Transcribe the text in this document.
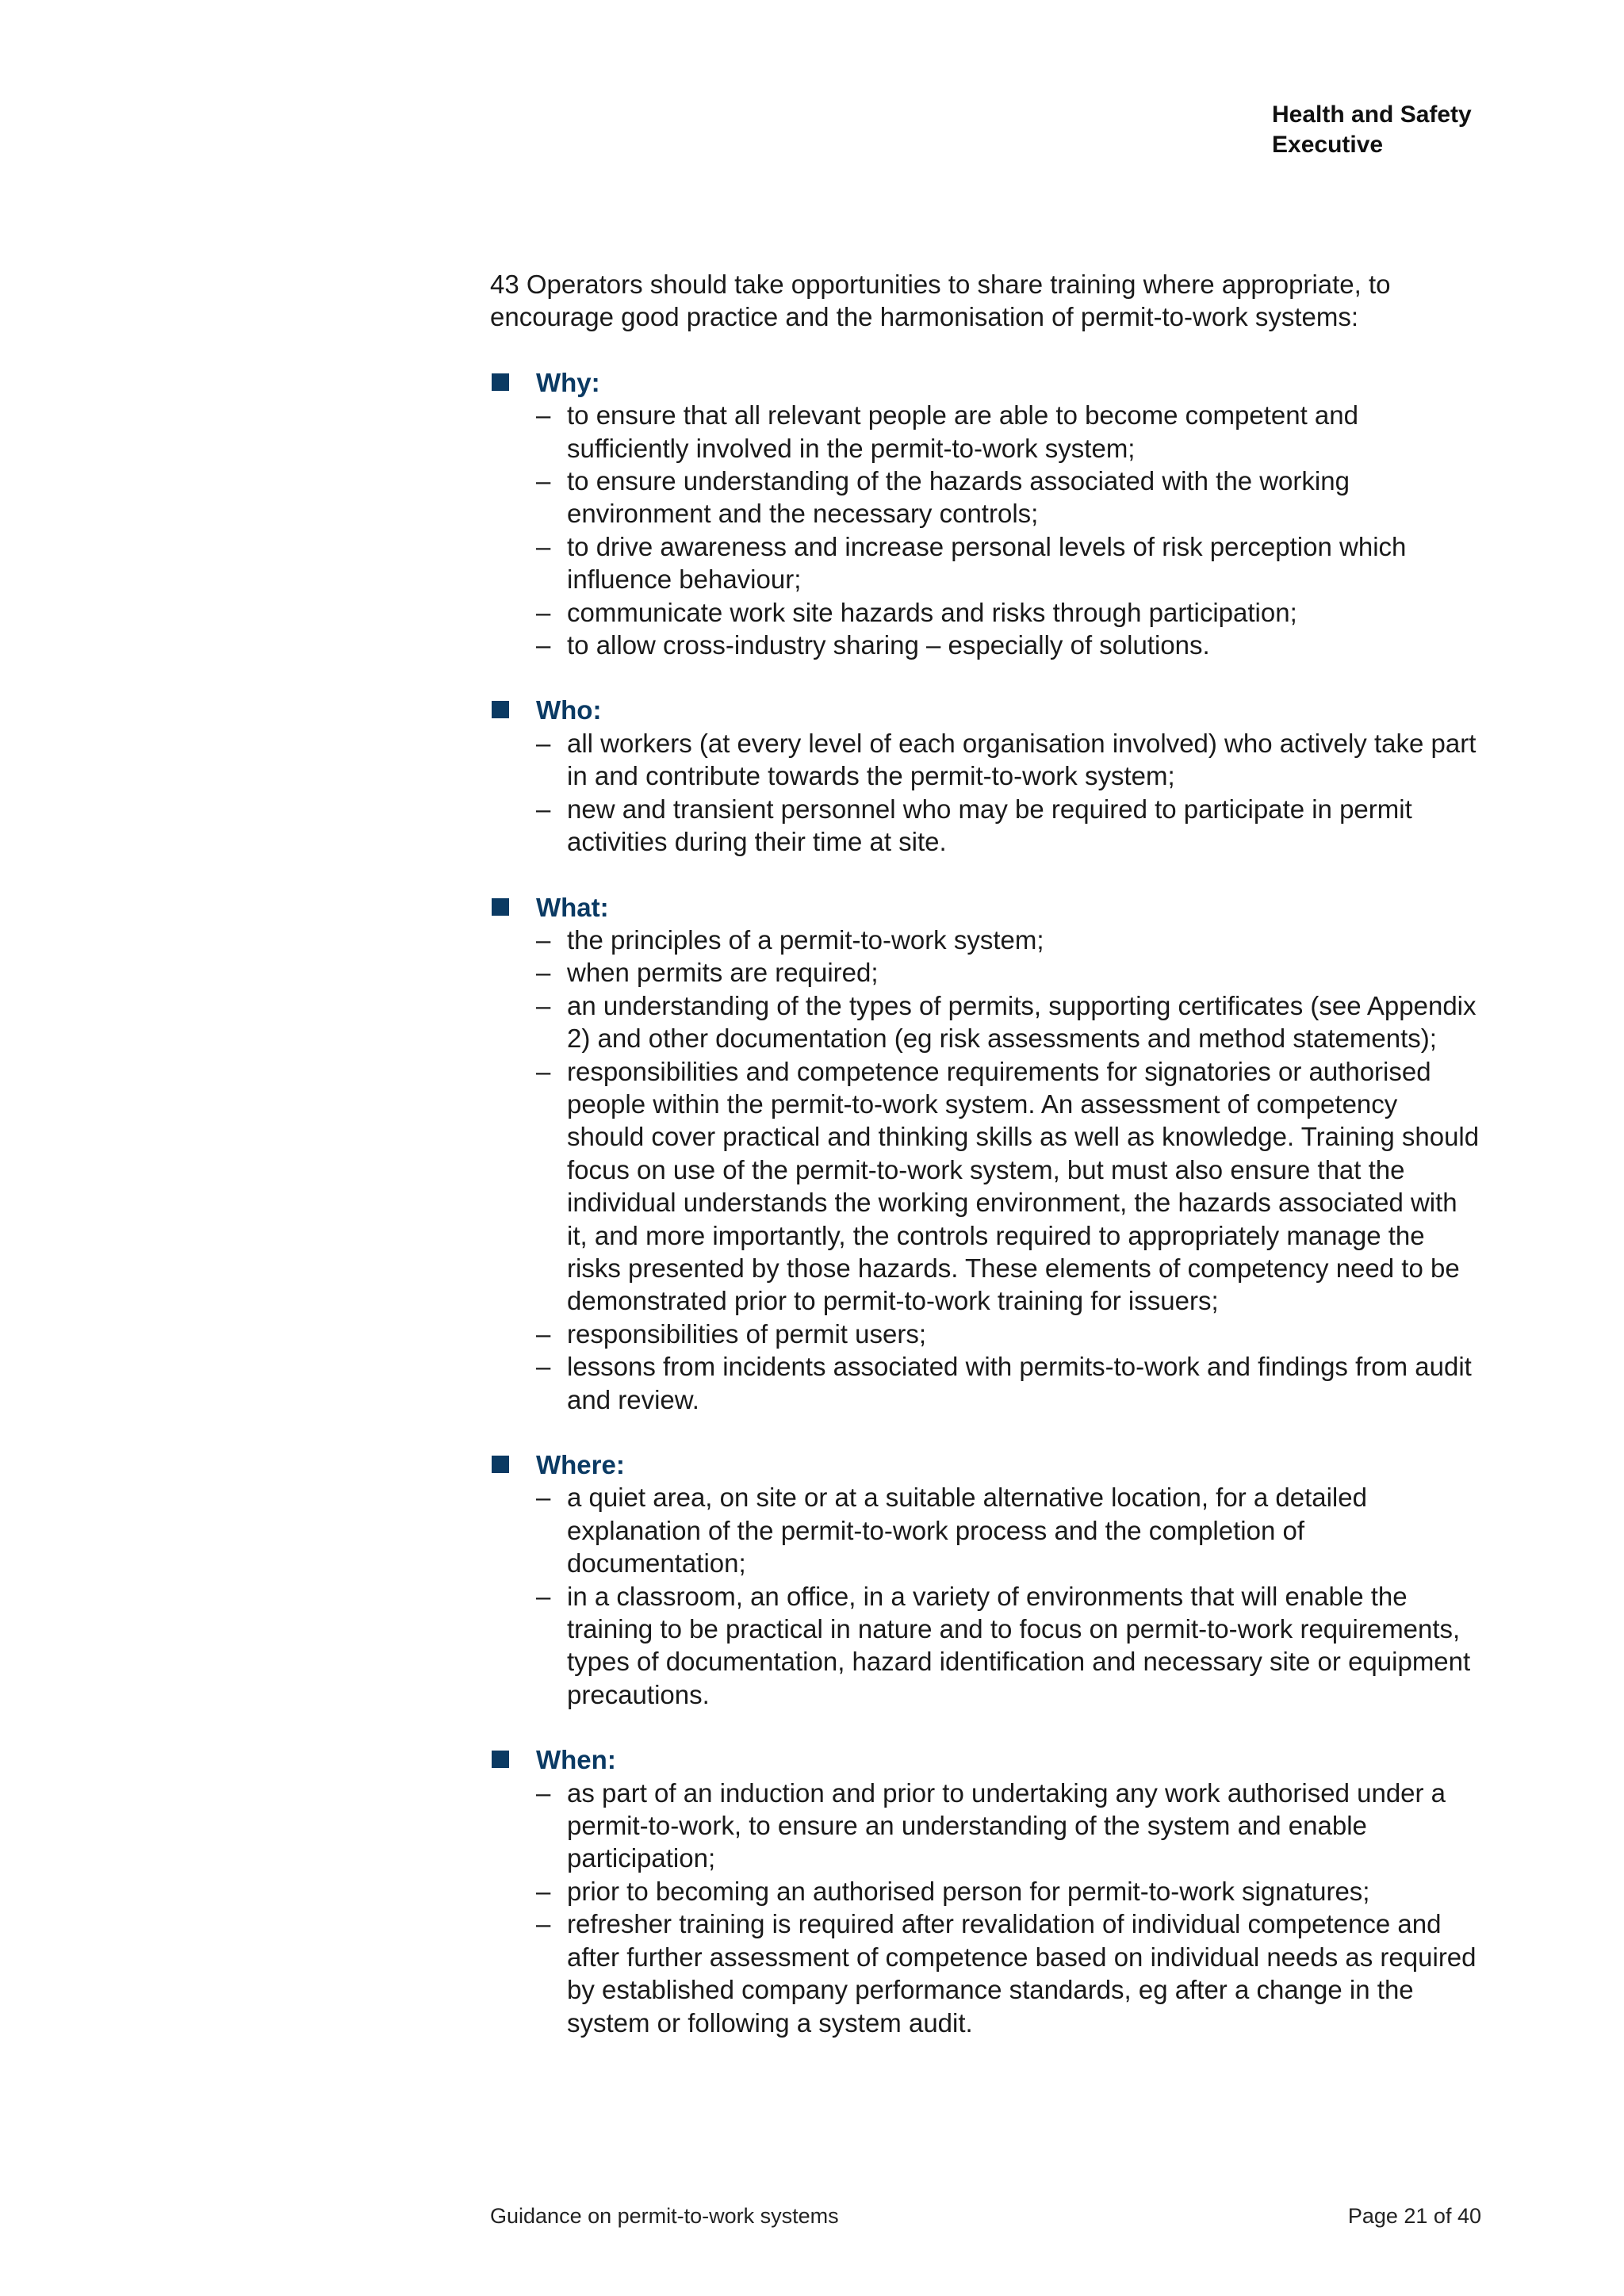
Health and Safety
Executive

43 Operators should take opportunities to share training where appropriate, to encourage good practice and the harmonisation of permit-to-work systems:

Why:
– to ensure that all relevant people are able to become competent and sufficiently involved in the permit-to-work system;
– to ensure understanding of the hazards associated with the working environment and the necessary controls;
– to drive awareness and increase personal levels of risk perception which influence behaviour;
– communicate work site hazards and risks through participation;
– to allow cross-industry sharing – especially of solutions.
Who:
– all workers (at every level of each organisation involved) who actively take part in and contribute towards the permit-to-work system;
– new and transient personnel who may be required to participate in permit activities during their time at site.
What:
– the principles of a permit-to-work system;
– when permits are required;
– an understanding of the types of permits, supporting certificates (see Appendix 2) and other documentation (eg risk assessments and method statements);
– responsibilities and competence requirements for signatories or authorised people within the permit-to-work system. An assessment of competency should cover practical and thinking skills as well as knowledge. Training should focus on use of the permit-to-work system, but must also ensure that the individual understands the working environment, the hazards associated with it, and more importantly, the controls required to appropriately manage the risks presented by those hazards. These elements of competency need to be demonstrated prior to permit-to-work training for issuers;
– responsibilities of permit users;
– lessons from incidents associated with permits-to-work and findings from audit and review.
Where:
– a quiet area, on site or at a suitable alternative location, for a detailed explanation of the permit-to-work process and the completion of documentation;
– in a classroom, an office, in a variety of environments that will enable the training to be practical in nature and to focus on permit-to-work requirements, types of documentation, hazard identification and necessary site or equipment precautions.
When:
– as part of an induction and prior to undertaking any work authorised under a permit-to-work, to ensure an understanding of the system and enable participation;
– prior to becoming an authorised person for permit-to-work signatures;
– refresher training is required after revalidation of individual competence and after further assessment of competence based on individual needs as required by established company performance standards, eg after a change in the system or following a system audit.
Guidance on permit-to-work systems	Page 21 of 40
